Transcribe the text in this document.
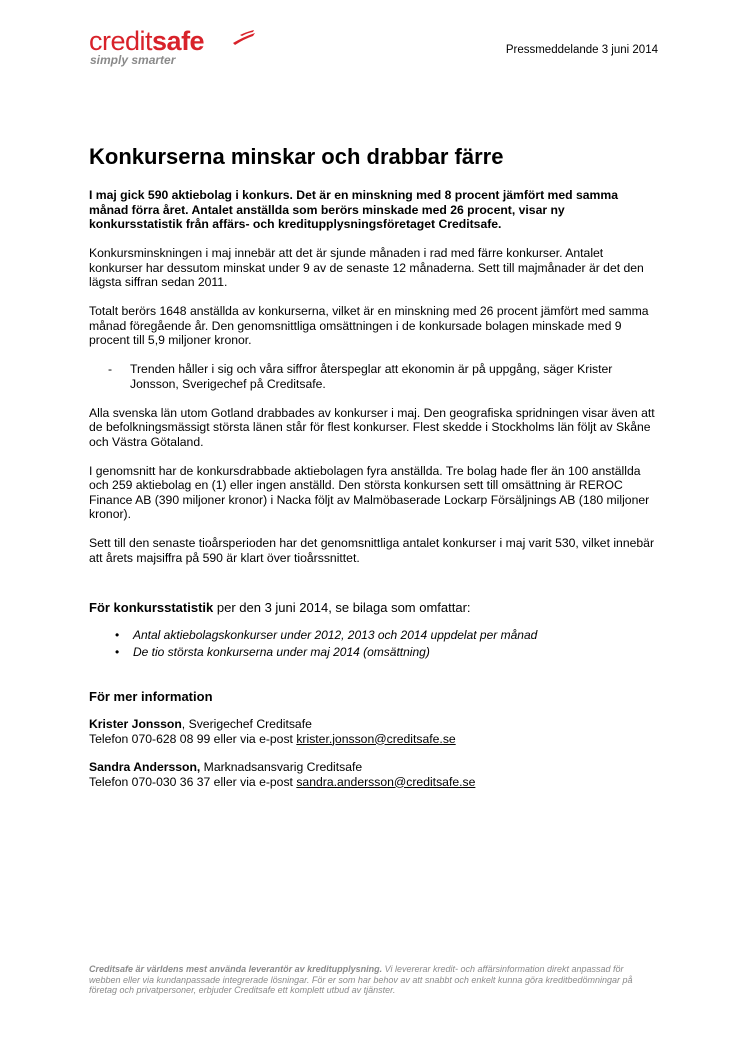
creditsafe
simply smarter
Pressmeddelande 3 juni 2014
Konkurserna minskar och drabbar färre

I maj gick 590 aktiebolag i konkurs. Det är en minskning med 8 procent jämfört med samma månad förra året. Antalet anställda som berörs minskade med 26 procent, visar ny konkursstatistik från affärs- och kreditupplysningsföretaget Creditsafe.

Konkursminskningen i maj innebär att det är sjunde månaden i rad med färre konkurser. Antalet konkurser har dessutom minskat under 9 av de senaste 12 månaderna. Sett till majmånader är det den lägsta siffran sedan 2011.

Totalt berörs 1648 anställda av konkurserna, vilket är en minskning med 26 procent jämfört med samma månad föregående år. Den genomsnittliga omsättningen i de konkursade bolagen minskade med 9 procent till 5,9 miljoner kronor.

-	Trenden håller i sig och våra siffror återspeglar att ekonomin är på uppgång, säger Krister Jonsson, Sverigechef på Creditsafe.

Alla svenska län utom Gotland drabbades av konkurser i maj. Den geografiska spridningen visar även att de befolkningsmässigt största länen står för flest konkurser. Flest skedde i Stockholms län följt av Skåne och Västra Götaland.

I genomsnitt har de konkursdrabbade aktiebolagen fyra anställda. Tre bolag hade fler än 100 anställda och 259 aktiebolag en (1) eller ingen anställd. Den största konkursen sett till omsättning är REROC Finance AB (390 miljoner kronor) i Nacka följt av Malmöbaserade Lockarp Försäljnings AB (180 miljoner kronor).

Sett till den senaste tioårsperioden har det genomsnittliga antalet konkurser i maj varit 530, vilket innebär att årets majsiffra på 590 är klart över tioårssnittet.

För konkursstatistik per den 3 juni 2014, se bilaga som omfattar:

• Antal aktiebolagskonkurser under 2012, 2013 och 2014 uppdelat per månad
• De tio största konkurserna under maj 2014 (omsättning)

För mer information

Krister Jonsson, Sverigechef Creditsafe
Telefon 070-628 08 99 eller via e-post krister.jonsson@creditsafe.se

Sandra Andersson, Marknadsansvarig Creditsafe
Telefon 070-030 36 37 eller via e-post sandra.andersson@creditsafe.se

Creditsafe är världens mest använda leverantör av kreditupplysning. Vi levererar kredit- och affärsinformation direkt anpassad för webben eller via kundanpassade integrerade lösningar. För er som har behov av att snabbt och enkelt kunna göra kreditbedömningar på företag och privatpersoner, erbjuder Creditsafe ett komplett utbud av tjänster.
